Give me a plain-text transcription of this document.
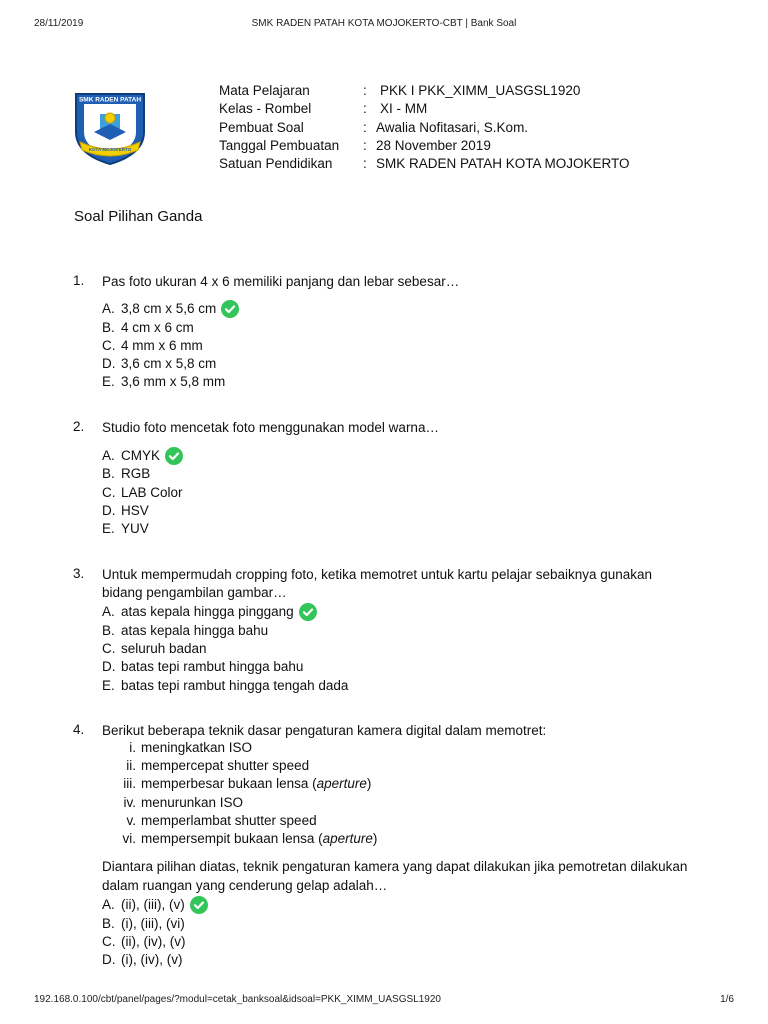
28/11/2019	SMK RADEN PATAH KOTA MOJOKERTO-CBT | Bank Soal
SMK RADEN PATAH
KOTA MOJOKERTO
Mata Pelajaran	: PKK I PKK_XIMM_UASGSL1920
Kelas - Rombel	: XI - MM
Pembuat Soal	: Awalia Nofitasari, S.Kom.
Tanggal Pembuatan	: 28 November 2019
Satuan Pendidikan	: SMK RADEN PATAH KOTA MOJOKERTO
Soal Pilihan Ganda
1. Pas foto ukuran 4 x 6 memiliki panjang dan lebar sebesar…
A. 3,8 cm x 5,6 cm
B. 4 cm x 6 cm
C. 4 mm x 6 mm
D. 3,6 cm x 5,8 cm
E. 3,6 mm x 5,8 mm
2. Studio foto mencetak foto menggunakan model warna…
A. CMYK
B. RGB
C. LAB Color
D. HSV
E. YUV
3. Untuk mempermudah cropping foto, ketika memotret untuk kartu pelajar sebaiknya gunakan
bidang pengambilan gambar…
A. atas kepala hingga pinggang
B. atas kepala hingga bahu
C. seluruh badan
D. batas tepi rambut hingga bahu
E. batas tepi rambut hingga tengah dada
4. Berikut beberapa teknik dasar pengaturan kamera digital dalam memotret:
i. meningkatkan ISO
ii. mempercepat shutter speed
iii. memperbesar bukaan lensa (aperture)
iv. menurunkan ISO
v. memperlambat shutter speed
vi. mempersempit bukaan lensa (aperture)
Diantara pilihan diatas, teknik pengaturan kamera yang dapat dilakukan jika pemotretan dilakukan
dalam ruangan yang cenderung gelap adalah…
A. (ii), (iii), (v)
B. (i), (iii), (vi)
C. (ii), (iv), (v)
D. (i), (iv), (v)
192.168.0.100/cbt/panel/pages/?modul=cetak_banksoal&idsoal=PKK_XIMM_UASGSL1920	1/6
